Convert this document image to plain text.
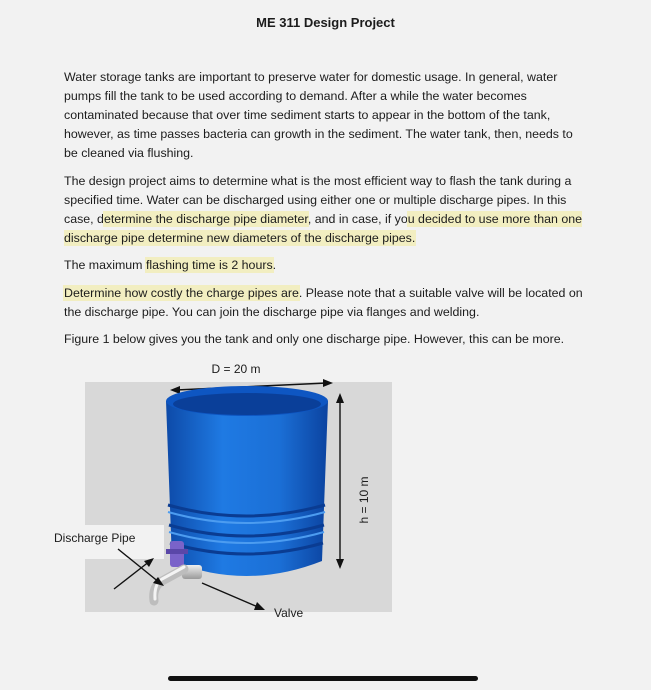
ME 311 Design Project

Water storage tanks are important to preserve water for domestic usage. In general, water pumps fill the tank to be used according to demand. After a while the water becomes contaminated because that over time sediment starts to appear in the bottom of the tank, however, as time passes bacteria can growth in the sediment. The water tank, then, needs to be cleaned via flushing.

The design project aims to determine what is the most efficient way to flash the tank during a specified time. Water can be discharged using either one or multiple discharge pipes. In this case, determine the discharge pipe diameter, and in case, if you decided to use more than one discharge pipe determine new diameters of the discharge pipes.

The maximum flashing time is 2 hours.

Determine how costly the charge pipes are. Please note that a suitable valve will be located on the discharge pipe. You can join the discharge pipe via flanges and welding.

Figure 1 below gives you the tank and only one discharge pipe. However, this can be more.

D = 20 m
h = 10 m
Discharge Pipe
Valve
